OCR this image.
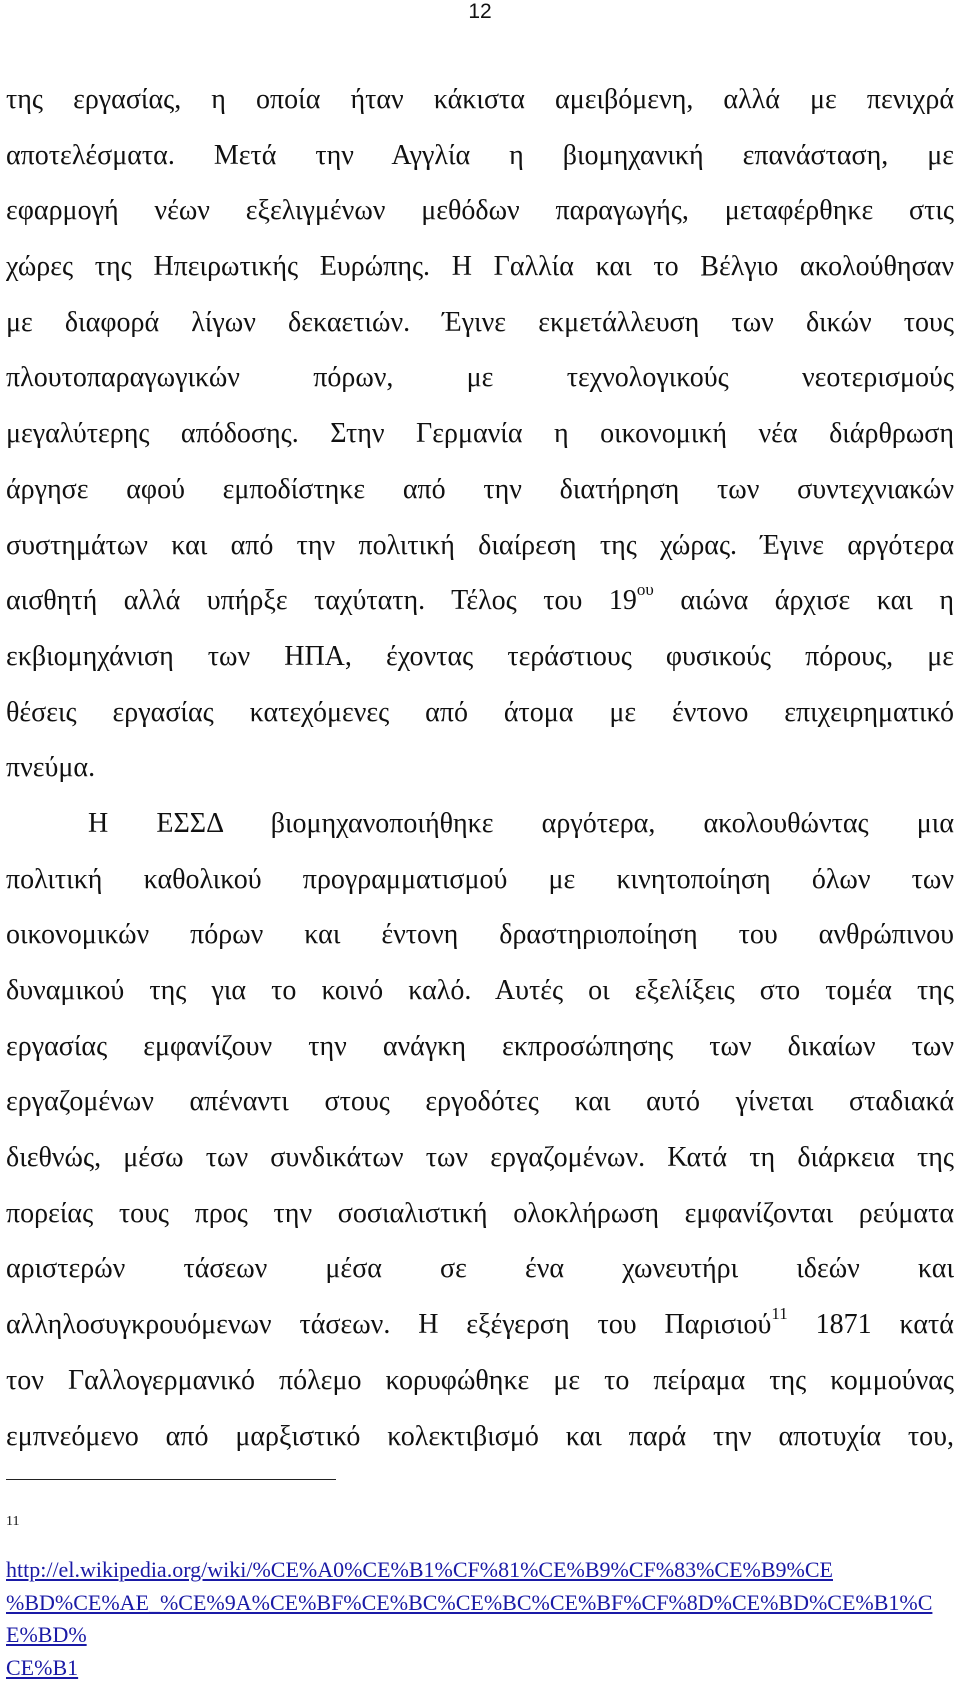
12
της εργασίας, η οποία ήταν κάκιστα αμειβόμενη, αλλά με πενιχρά
αποτελέσματα. Μετά την Αγγλία η βιομηχανική επανάσταση, με
εφαρμογή νέων εξελιγμένων μεθόδων παραγωγής, μεταφέρθηκε στις
χώρες της Ηπειρωτικής Ευρώπης. Η Γαλλία και το Βέλγιο ακολούθησαν
με διαφορά λίγων δεκαετιών. Έγινε εκμετάλλευση των δικών τους
πλουτοπαραγωγικών πόρων, με τεχνολογικούς νεοτερισμούς
μεγαλύτερης απόδοσης. Στην Γερμανία η οικονομική νέα διάρθρωση
άργησε αφού εμποδίστηκε από την διατήρηση των συντεχνιακών
συστημάτων και από την πολιτική διαίρεση της χώρας. Έγινε αργότερα
αισθητή αλλά υπήρξε ταχύτατη. Τέλος του $19^{o\upsilon}$ αιώνα άρχισε και η
εκβιομηχάνιση των ΗΠΑ, έχοντας τεράστιους φυσικούς πόρους, με
θέσεις εργασίας κατεχόμενες από άτομα με έντονο επιχειρηματικό
πνεύμα.
Η ΕΣΣΔ βιομηχανοποιήθηκε αργότερα, ακολουθώντας μια
πολιτική καθολικού προγραμματισμού με κινητοποίηση όλων των
οικονομικών πόρων και έντονη δραστηριοποίηση του ανθρώπινου
δυναμικού της για το κοινό καλό. Αυτές οι εξελίξεις στο τομέα της
εργασίας εμφανίζουν την ανάγκη εκπροσώπησης των δικαίων των
εργαζομένων απέναντι στους εργοδότες και αυτό γίνεται σταδιακά
διεθνώς, μέσω των συνδικάτων των εργαζομένων. Κατά τη διάρκεια της
πορείας τους προς την σοσιαλιστική ολοκλήρωση εμφανίζονται ρεύματα
αριστερών τάσεων μέσα σε ένα χωνευτήρι ιδεών και
αλληλοσυγκρουόμενων τάσεων. Η εξέγερση του Παρισιού$^{11}$ 1871 κατά
τον Γαλλογερμανικό πόλεμο κορυφώθηκε με το πείραμα της κομμούνας
εμπνεόμενο από μαρξιστικό κολεκτιβισμό και παρά την αποτυχία του,
11
http://el.wikipedia.org/wiki/%CE%A0%CE%B1%CF%81%CE%B9%CF%83%CE%B9%CE
%BD%CE%AE_%CE%9A%CE%BF%CE%BC%CE%BC%CE%BF%CF%8D%CE%BD%CE%B1%CE%BD%
CE%B1
